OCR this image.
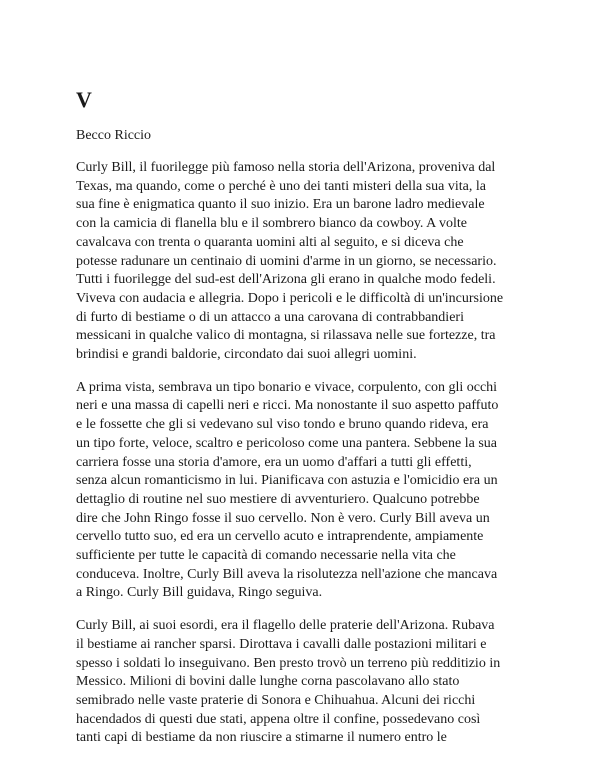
V
Becco Riccio
Curly Bill, il fuorilegge più famoso nella storia dell'Arizona, proveniva dal
Texas, ma quando, come o perché è uno dei tanti misteri della sua vita, la
sua fine è enigmatica quanto il suo inizio. Era un barone ladro medievale
con la camicia di flanella blu e il sombrero bianco da cowboy. A volte
cavalcava con trenta o quaranta uomini alti al seguito, e si diceva che
potesse radunare un centinaio di uomini d'arme in un giorno, se necessario.
Tutti i fuorilegge del sud-est dell'Arizona gli erano in qualche modo fedeli.
Viveva con audacia e allegria. Dopo i pericoli e le difficoltà di un'incursione
di furto di bestiame o di un attacco a una carovana di contrabbandieri
messicani in qualche valico di montagna, si rilassava nelle sue fortezze, tra
brindisi e grandi baldorie, circondato dai suoi allegri uomini.
A prima vista, sembrava un tipo bonario e vivace, corpulento, con gli occhi
neri e una massa di capelli neri e ricci. Ma nonostante il suo aspetto paffuto
e le fossette che gli si vedevano sul viso tondo e bruno quando rideva, era
un tipo forte, veloce, scaltro e pericoloso come una pantera. Sebbene la sua
carriera fosse una storia d'amore, era un uomo d'affari a tutti gli effetti,
senza alcun romanticismo in lui. Pianificava con astuzia e l'omicidio era un
dettaglio di routine nel suo mestiere di avventuriero. Qualcuno potrebbe
dire che John Ringo fosse il suo cervello. Non è vero. Curly Bill aveva un
cervello tutto suo, ed era un cervello acuto e intraprendente, ampiamente
sufficiente per tutte le capacità di comando necessarie nella vita che
conduceva. Inoltre, Curly Bill aveva la risolutezza nell'azione che mancava
a Ringo. Curly Bill guidava, Ringo seguiva.
Curly Bill, ai suoi esordi, era il flagello delle praterie dell'Arizona. Rubava
il bestiame ai rancher sparsi. Dirottava i cavalli dalle postazioni militari e
spesso i soldati lo inseguivano. Ben presto trovò un terreno più redditizio in
Messico. Milioni di bovini dalle lunghe corna pascolavano allo stato
semibrado nelle vaste praterie di Sonora e Chihuahua. Alcuni dei ricchi
hacendados di questi due stati, appena oltre il confine, possedevano così
tanti capi di bestiame da non riuscire a stimarne il numero entro le
